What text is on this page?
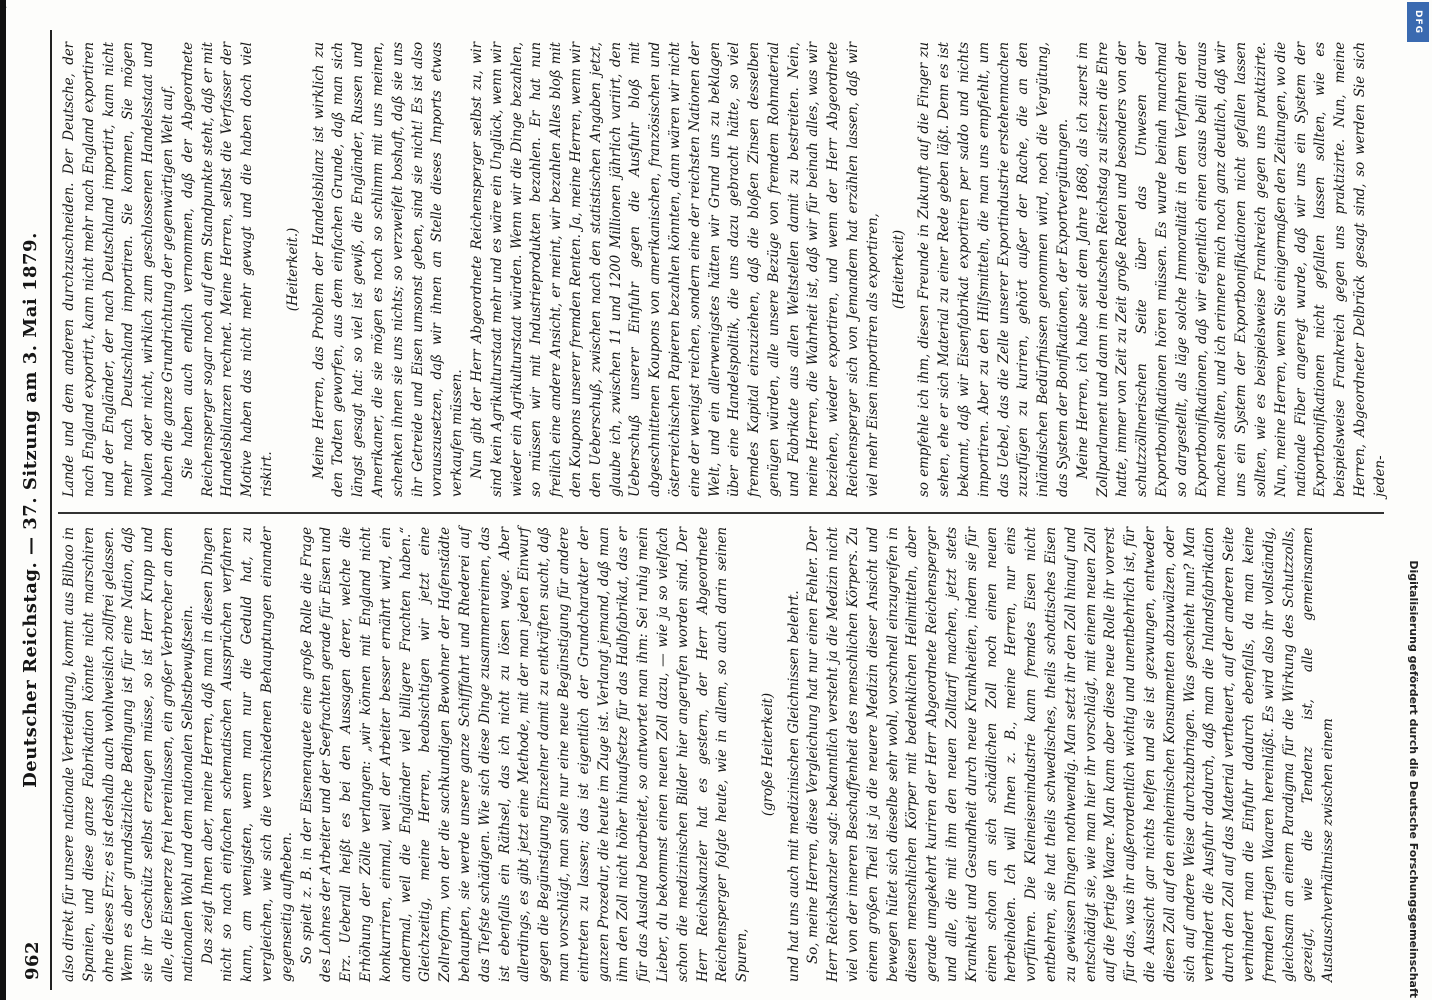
1
962
Deutscher Reichstag. — 37. Sitzung am 3. Mai 1879. also direkt für unsere nationale Verteidigung, kommt aus Bilbao in Spanien, und diese ganze Fabrikation könnte nicht marschiren ohne dieses Erz; es ist deshalb auch wohlweislich zollfrei gelassen. Wenn es aber grundsätzliche Bedingung ist für eine Nation, daß sie ihr Geschütz selbst erzeugen müsse, so ist Herr Krupp und alle, die Eisenerze frei hereinlassen, ein großer Verbrecher an dem nationalen Wohl und dem nationalen Selbstbewußtsein. Das zeigt Ihnen aber, meine Herren, daß man in diesen Dingen nicht so nach einfachen schematischen Aussprüchen verfahren kann, am wenigsten, wenn man nur die Geduld hat, zu vergleichen, wie sich die verschiedenen Behauptungen einander gegenseitig aufheben. So spielt z. B. in der Eisenenquete eine große Rolle die Frage des Lohnes der Arbeiter und der Seefrachten gerade für Eisen und Erz. Ueberall heißt es bei den Aussagen derer, welche die Erhöhung der Zölle verlangen: „wir können mit England nicht konkurriren, einmal, weil der Arbeiter besser ernährt wird, ein andermal, weil die Engländer viel billigere Frachten haben.“ Gleichzeitig, meine Herren, beabsichtigen wir jetzt eine Zollreform, von der die sachkundigen Bewohner der Hafenstädte behaupten, sie werde unsere ganze Schifffahrt und Rhederei auf das Tiefste schädigen. Wie sich diese Dinge zusammenreimen, das ist ebenfalls ein Räthsel, das ich nicht zu lösen wage. Aber allerdings, es gibt jetzt eine Methode, mit der man jeden Einwurf gegen die Begünstigung Einzelner damit zu entkräften sucht, daß man vorschlägt, man solle nur eine neue Begünstigung für andere eintreten zu lassen; das ist eigentlich der Grundcharakter der ganzen Prozedur, die heute im Zuge ist. Verlangt jemand, daß man ihm den Zoll nicht höher hinaufsetze für das Halbfabrikat, das er für das Ausland bearbeitet, so antwortet man ihm: Sei ruhig mein Lieber, du bekommst einen neuen Zoll dazu, — wie ja so vielfach schon die medizinischen Bilder hier angerufen worden sind. Der Herr Reichskanzler hat es gestern, der Herr Abgeordnete Reichensperger folgte heute, wie in allem, so auch darin seinen Spuren,

(große Heiterkeit) und hat uns auch mit medizinischen Gleichnissen belehrt. So, meine Herren, diese Vergleichung hat nur einen Fehler. Der Herr Reichskanzler sagt: bekanntlich versteht ja die Medizin nicht viel von der inneren Beschaffenheit des menschlichen Körpers. Zu einem großen Theil ist ja die neuere Medizin dieser Ansicht und bewegen hütet sich dieselbe sehr wohl, vorschnell einzugreifen in diesen menschlichen Körper mit bedenklichen Heilmitteln, aber gerade umgekehrt kuriren der Herr Abgeordnete Reichensperger und alle, die mit ihm den neuen Zolltarif machen, jetzt stets Krankheit und Gesundheit durch neue Krankheiten, indem sie für einen schon an sich schädlichen Zoll noch einen neuen herbeiholen. Ich will Ihnen z. B., meine Herren, nur eins vorführen. Die Kleineisenindustrie kann fremdes Eisen nicht entbehren, sie hat theils schwedisches, theils schottisches Eisen zu gewissen Dingen nothwendig. Man setzt ihr den Zoll hinauf und entschädigt sie, wie man hier ihr vorschlägt, mit einem neuen Zoll auf die fertige Waare. Man kann aber diese neue Rolle ihr vorerst für das, was ihr außerordentlich wichtig und unentbehrlich ist, für die Aussicht gar nichts helfen und sie ist gezwungen, entweder diesen Zoll auf den einheimischen Konsumenten abzuwälzen, oder sich auf andere Weise durchzubringen. Was geschieht nun? Man verhindert die Ausfuhr dadurch, daß man die Inlandsfabrikation durch den Zoll auf das Material vertheuert, auf der anderen Seite verhindert man die Einfuhr dadurch ebenfalls, da man keine fremden fertigen Waaren hereinläßt. Es wird also ihr vollständig, gleichsam an einem Paradigma für die Wirkung des Schutzzolls, gezeigt, wie die Tendenz ist, alle gemeinsamen Austauschverhältnisse zwischen einem

Lande und dem anderen durchzuschneiden. Der Deutsche, der nach England exportirt, kann nicht mehr nach England exportiren und der Engländer, der nach Deutschland importirt, kann nicht mehr nach Deutschland importiren. Sie kommen, Sie mögen wollen oder nicht, wirklich zum geschlossenen Handelsstaat und haben die ganze Grundrichtung der gegenwärtigen Welt auf. Sie haben auch endlich vernommen, daß der Abgeordnete Reichensperger sogar noch auf dem Standpunkte steht, daß er mit Handelsbilanzen rechnet. Meine Herren, selbst die Verfasser der Motive haben das nicht mehr gewagt und die haben doch viel riskirt.

(Heiterkeit.) Meine Herren, das Problem der Handelsbilanz ist wirklich zu den Todten geworfen, aus dem einfachen Grunde, daß man sich längst gesagt hat: so viel ist gewiß, die Engländer, Russen und Amerikaner, die sie mögen es noch so schlimm mit uns meinen, schenken ihnen sie uns nichts; so verzweifelt boshaft, daß sie uns ihr Getreide und Eisen umsonst geben, sind sie nicht! Es ist also vorauszusetzen, daß wir ihnen an Stelle dieses Imports etwas verkaufen müssen. Nun gibt der Herr Abgeordnete Reichensperger selbst zu, wir sind kein Agrikulturstaat mehr und es wäre ein Unglück, wenn wir wieder ein Agrikulturstaat würden. Wenn wir die Dinge bezahlen, so müssen wir mit Industrieprodukten bezahlen. Er hat nun freilich eine andere Ansicht, er meint, wir bezahlen Alles bloß mit den Koupons unserer fremden Renten. Ja, meine Herren, wenn wir den Ueberschuß, zwischen nach den statistischen Angaben jetzt, glaube ich, zwischen 11 und 1200 Millionen jährlich variirt, den Ueberschuß unserer Einfuhr gegen die Ausfuhr bloß mit abgeschnittenen Koupons von amerikanischen, französischen und österreichischen Papieren bezahlen könnten, dann wären wir nicht eine der wenigst reichen, sondern eine der reichsten Nationen der Welt, und ein allerwenigstes hätten wir Grund uns zu beklagen über eine Handelspolitik, die uns dazu gebracht hätte, so viel fremdes Kapital einzuziehen, daß die bloßen Zinsen desselben genügen würden, alle unsere Bezüge von fremdem Rohmaterial und Fabrikate aus allen Weltstellen damit zu bestreiten. Nein, meine Herren, die Wahrheit ist, daß wir für beinah alles, was wir beziehen, wieder exportiren, und wenn der Herr Abgeordnete Reichensperger sich von Jemandem hat erzählen lassen, daß wir viel mehr Eisen importiren als exportiren, (Heiterkeit) so empfehle ich ihm, diesen Freunde in Zukunft auf die Finger zu sehen, ehe er sich Material zu einer Rede geben läßt. Denn es ist bekannt, daß wir Eisenfabrikat exportiren per saldo und nichts importiren. Aber zu den Hilfsmitteln, die man uns empfiehlt, um das Uebel, das die Zelle unserer Exportindustrie erstehenmachen zuzufügen zu kuriren, gehört außer der Rache, die an den inländischen Bedürfnissen genommen wird, noch die Vergütung, das System der Bonifikationen, der Exportvergütungen. Meine Herren, ich habe seit dem Jahre 1868, als ich zuerst im Zollparlament und dann im deutschen Reichstag zu sitzen die Ehre hatte, immer von Zeit zu Zeit große Reden und besonders von der schutzzöllnerischen Seite über das Unwesen der Exportbonifikationen hören müssen. Es wurde beinah manchmal so dargestellt, als läge solche Immoralität in dem Verfahren der Exportbonifikationen, daß wir eigentlich einen casus belli daraus machen sollten, und ich erinnere mich noch ganz deutlich, daß wir uns ein System der Exportbonifikationen nicht gefallen lassen sollten, wie es beispielsweise Frankreich gegen uns praktizirte. Nun, meine Herren, wenn Sie einigermaßen den Zeitungen, wo die nationale Fiber angeregt wurde, daß wir uns ein System der Exportbonifikationen nicht gefallen lassen sollten, wie es beispielsweise Frankreich gegen uns praktizirte. Nun, meine Herren, Abgeordneter Delbrück gesagt sind, so werden Sie sich jeden-

DFG
Digitalisierung gefördert durch die Deutsche Forschungsgemeinschaft
